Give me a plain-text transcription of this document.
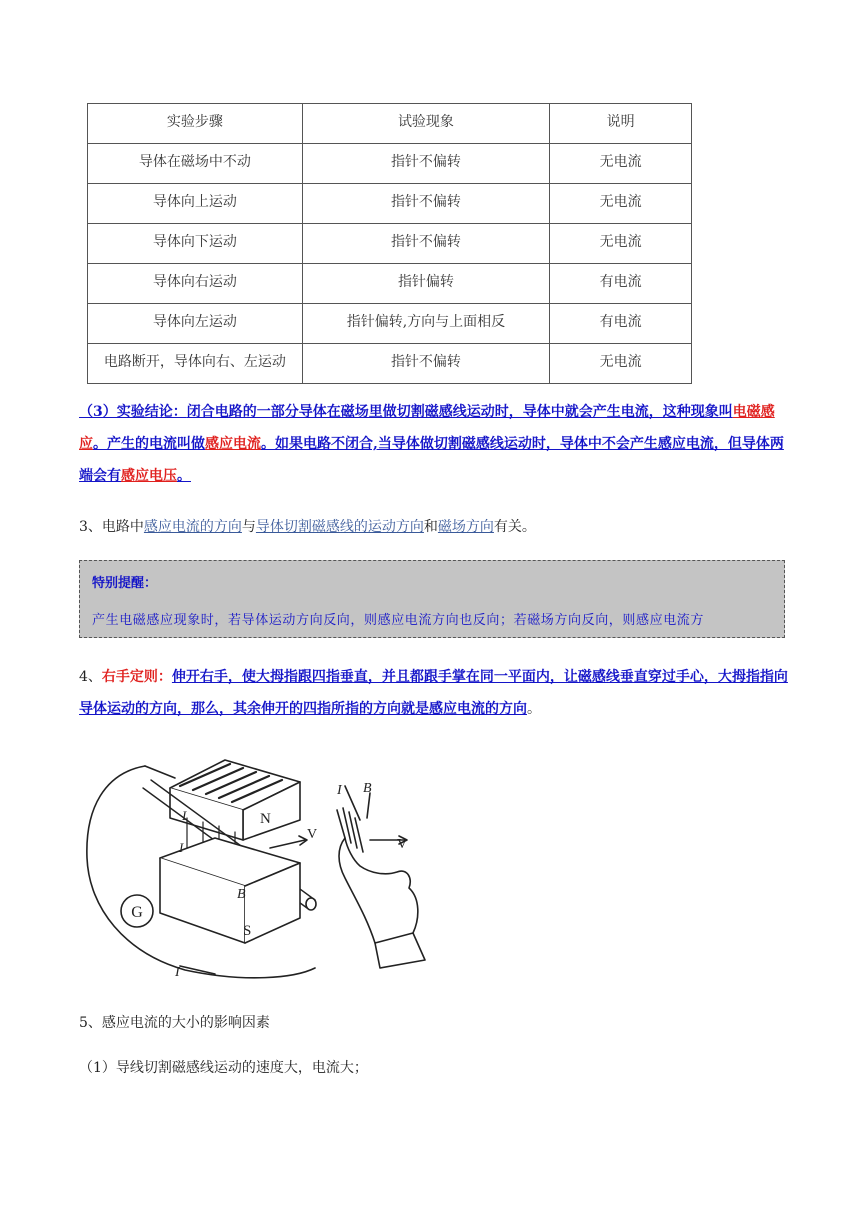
实验步骤	试验现象	说明
导体在磁场中不动	指针不偏转	无电流
导体向上运动	指针不偏转	无电流
导体向下运动	指针不偏转	无电流
导体向右运动	指针偏转	有电流
导体向左运动	指针偏转,方向与上面相反	有电流
电路断开，导体向右、左运动	指针不偏转	无电流
（3）实验结论：闭合电路的一部分导体在磁场里做切割磁感线运动时，导体中就会产生电流，这种现象叫电磁感应。产生的电流叫做感应电流。如果电路不闭合,当导体做切割磁感线运动时，导体中不会产生感应电流，但导体两端会有感应电压。
3、电路中感应电流的方向与导体切割磁感线的运动方向和磁场方向有关。
特别提醒：
产生电磁感应现象时，若导体运动方向反向，则感应电流方向也反向；若磁场方向反向，则感应电流方
4、右手定则：伸开右手，使大拇指跟四指垂直，并且都跟手掌在同一平面内，让磁感线垂直穿过手心，大拇指指向导体运动的方向，那么，其余伸开的四指所指的方向就是感应电流的方向。
G
I
N
S
V
I
I
B
I B
V
5、感应电流的大小的影响因素
（1）导线切割磁感线运动的速度大，电流大；
